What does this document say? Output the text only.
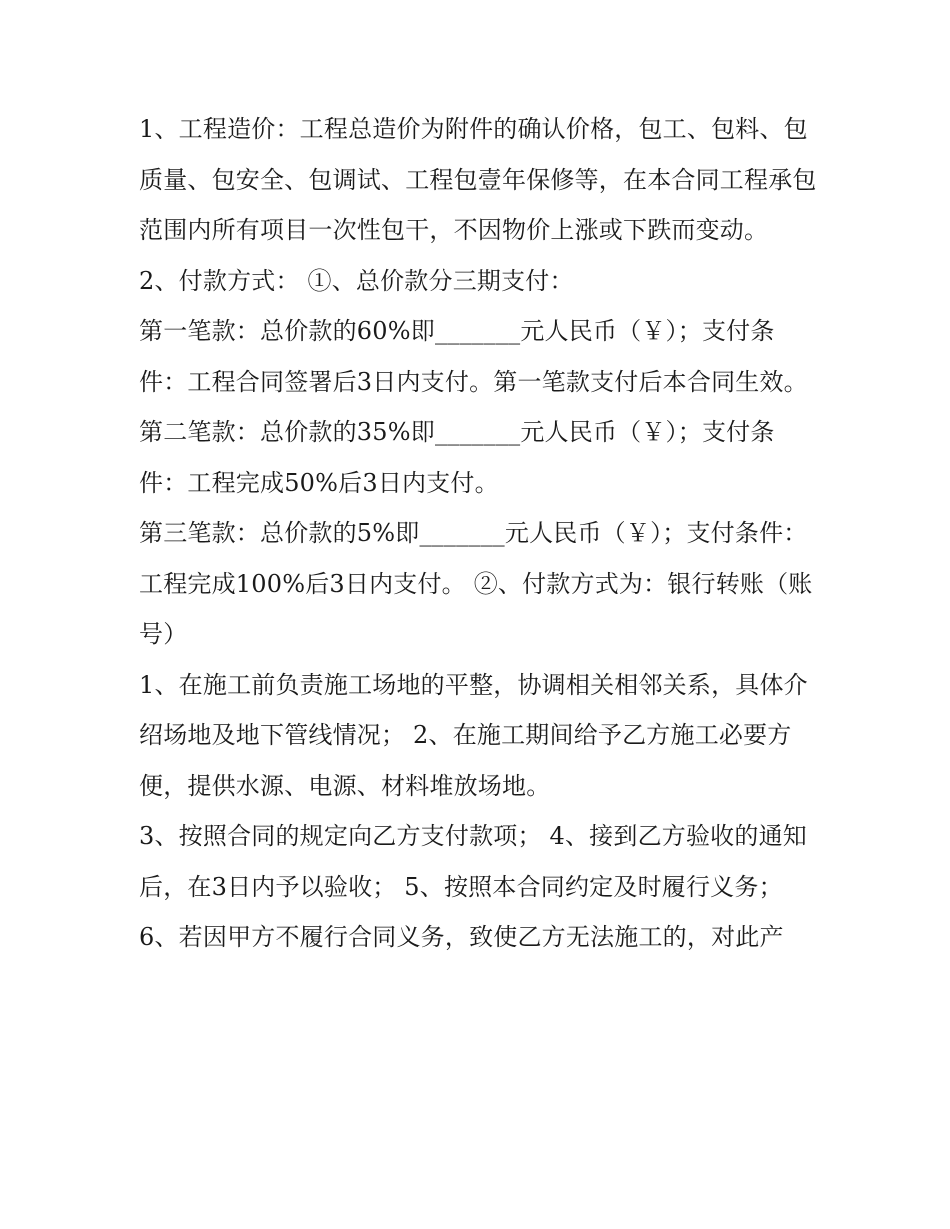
1、工程造价：工程总造价为附件的确认价格，包工、包料、包质量、包安全、包调试、工程包壹年保修等，在本合同工程承包范围内所有项目一次性包干，不因物价上涨或下跌而变动。

2、付款方式： ①、总价款分三期支付：

第一笔款：总价款的60%即_______元人民币（￥）；支付条件：工程合同签署后3日内支付。第一笔款支付后本合同生效。

第二笔款：总价款的35%即_______元人民币（￥）；支付条件：工程完成50%后3日内支付。

第三笔款：总价款的5%即_______元人民币（￥）；支付条件：工程完成100%后3日内支付。 ②、付款方式为：银行转账（账号）

1、在施工前负责施工场地的平整，协调相关相邻关系，具体介绍场地及地下管线情况； 2、在施工期间给予乙方施工必要方便，提供水源、电源、材料堆放场地。

3、按照合同的规定向乙方支付款项； 4、接到乙方验收的通知后，在3日内予以验收； 5、按照本合同约定及时履行义务；

6、若因甲方不履行合同义务，致使乙方无法施工的，对此产
